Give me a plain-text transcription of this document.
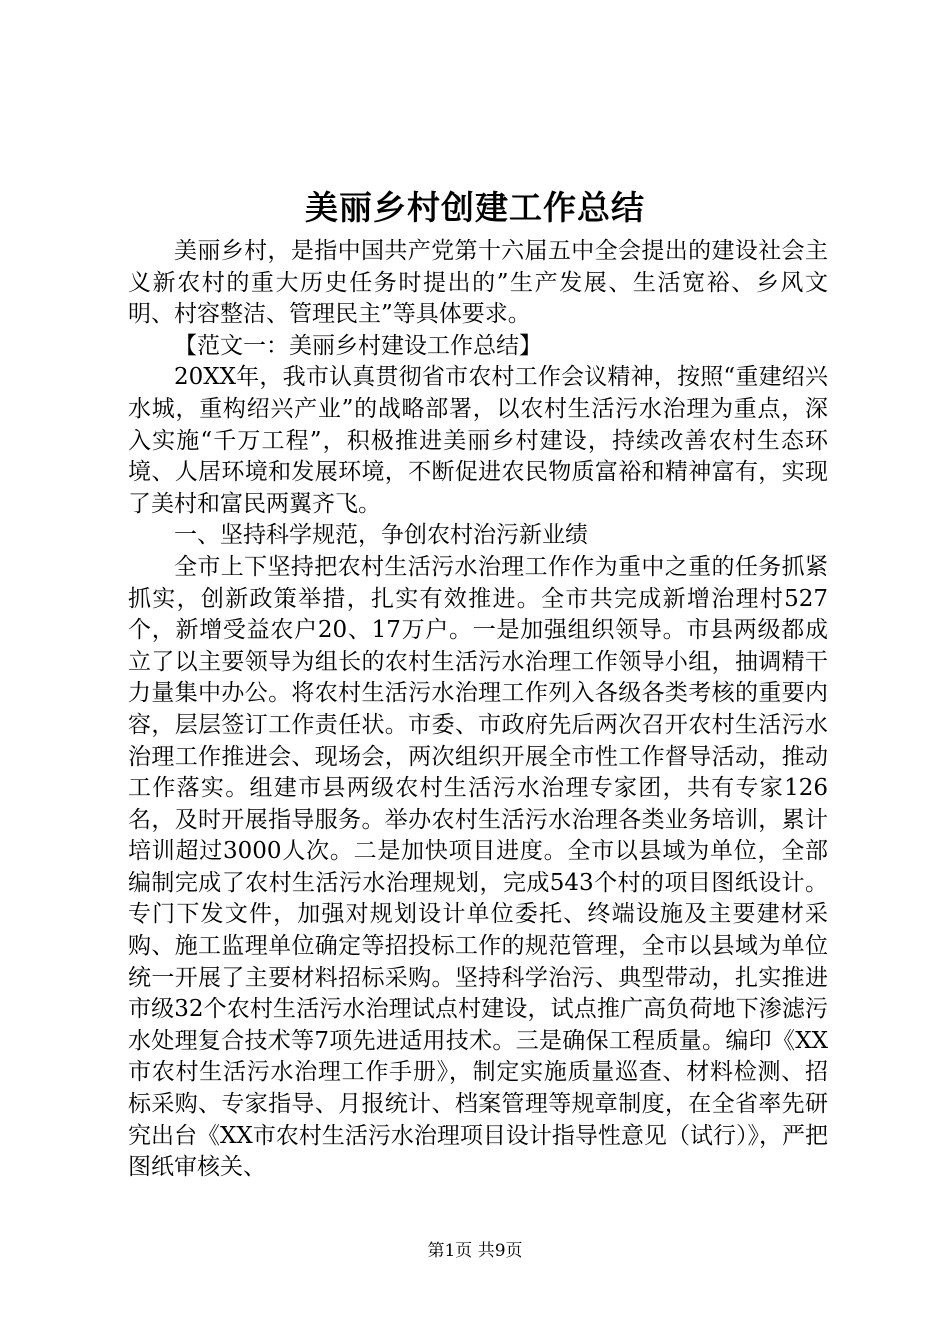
美丽乡村创建工作总结

美丽乡村，是指中国共产党第十六届五中全会提出的建设社会主义新农村的重大历史任务时提出的”生产发展、生活宽裕、乡风文明、村容整洁、管理民主”等具体要求。

【范文一：美丽乡村建设工作总结】

20XX年，我市认真贯彻省市农村工作会议精神，按照“重建绍兴水城，重构绍兴产业”的战略部署，以农村生活污水治理为重点，深入实施“千万工程”，积极推进美丽乡村建设，持续改善农村生态环境、人居环境和发展环境，不断促进农民物质富裕和精神富有，实现了美村和富民两翼齐飞。

一、坚持科学规范，争创农村治污新业绩

全市上下坚持把农村生活污水治理工作作为重中之重的任务抓紧抓实，创新政策举措，扎实有效推进。全市共完成新增治理村527个，新增受益农户20、17万户。一是加强组织领导。市县两级都成立了以主要领导为组长的农村生活污水治理工作领导小组，抽调精干力量集中办公。将农村生活污水治理工作列入各级各类考核的重要内容，层层签订工作责任状。市委、市政府先后两次召开农村生活污水治理工作推进会、现场会，两次组织开展全市性工作督导活动，推动工作落实。组建市县两级农村生活污水治理专家团，共有专家126名，及时开展指导服务。举办农村生活污水治理各类业务培训，累计培训超过3000人次。二是加快项目进度。全市以县域为单位，全部编制完成了农村生活污水治理规划，完成543个村的项目图纸设计。专门下发文件，加强对规划设计单位委托、终端设施及主要建材采购、施工监理单位确定等招投标工作的规范管理，全市以县域为单位统一开展了主要材料招标采购。坚持科学治污、典型带动，扎实推进市级32个农村生活污水治理试点村建设，试点推广高负荷地下渗滤污水处理复合技术等7项先进适用技术。三是确保工程质量。编印《XX市农村生活污水治理工作手册》，制定实施质量巡查、材料检测、招标采购、专家指导、月报统计、档案管理等规章制度，在全省率先研究出台《XX市农村生活污水治理项目设计指导性意见（试行）》，严把图纸审核关、

第1页 共9页
